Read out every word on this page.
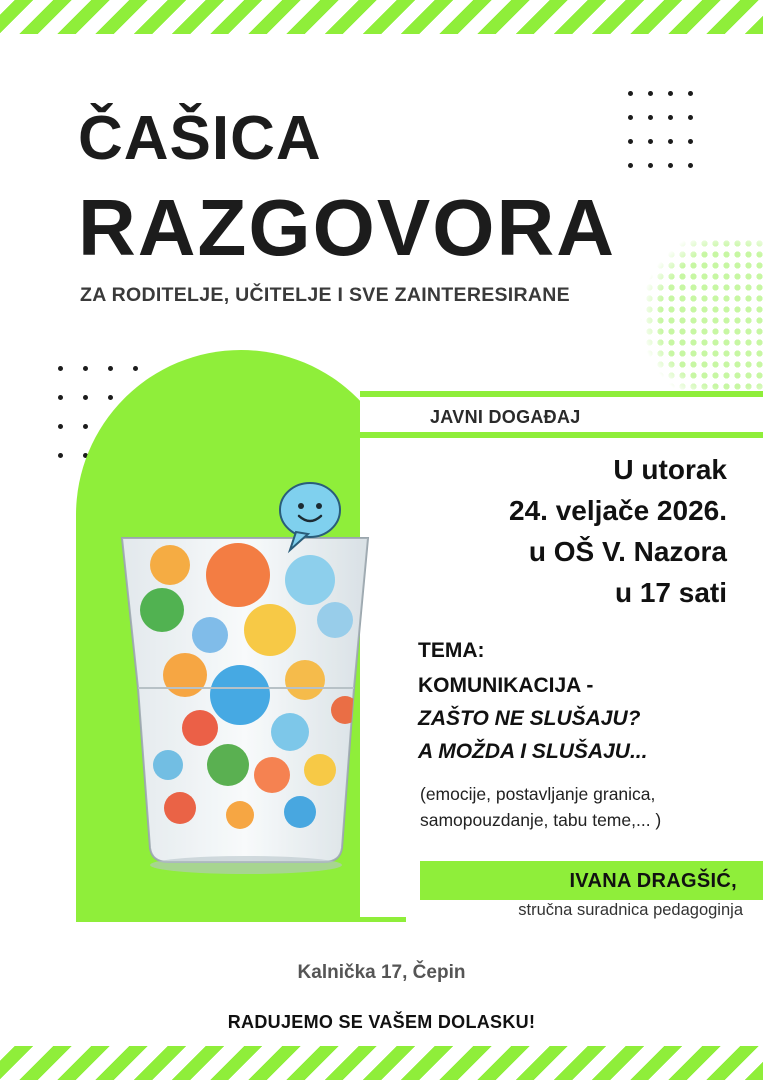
ČAŠICA
RAZGOVORA
ZA RODITELJE, UČITELJE I SVE ZAINTERESIRANE
JAVNI DOGAĐAJ
U utorak
24. veljače 2026.
u OŠ V. Nazora
u 17 sati
TEMA:
KOMUNIKACIJA -
ZAŠTO NE SLUŠAJU?
A MOŽDA I SLUŠAJU...
(emocije, postavljanje granica,
samopouzdanje, tabu teme,... )
IVANA DRAGŠIĆ,
stručna suradnica pedagoginja
Kalnička 17, Čepin
RADUJEMO SE VAŠEM DOLASKU!
